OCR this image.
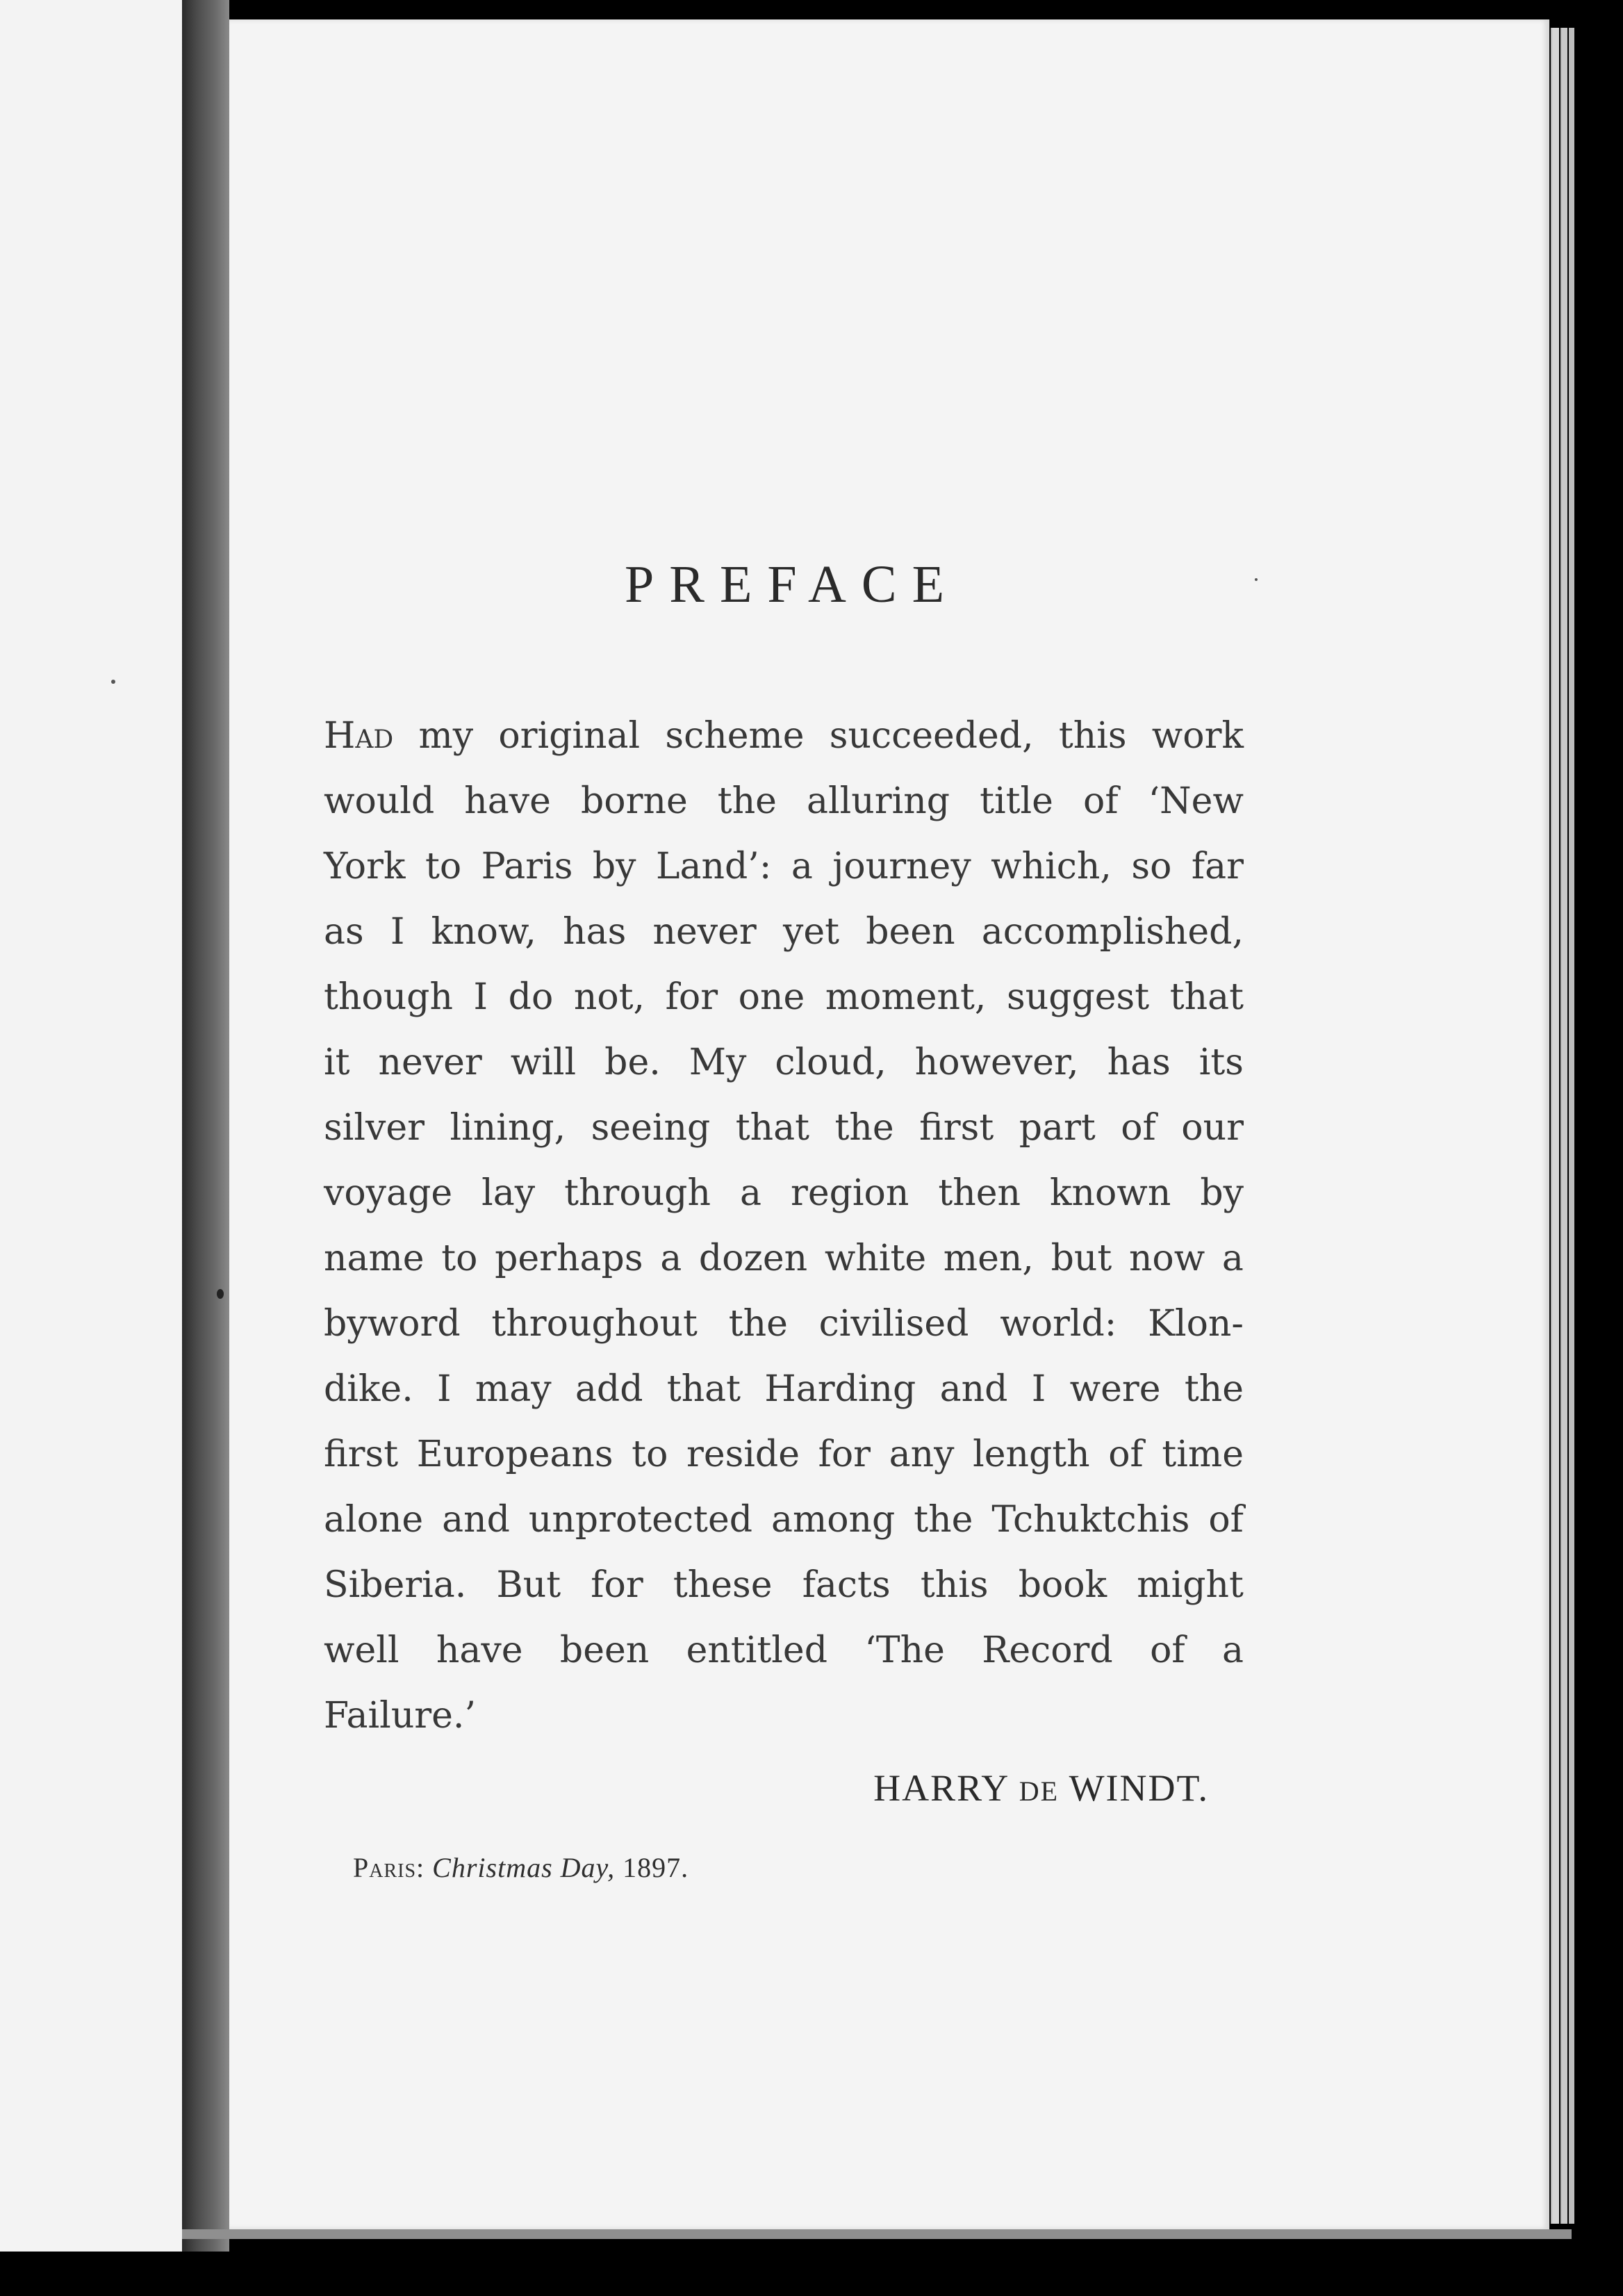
PREFACE
Had my original scheme succeeded, this work
would have borne the alluring title of ‘New
York to Paris by Land’: a journey which, so far
as I know, has never yet been accomplished,
though I do not, for one moment, suggest that
it never will be. My cloud, however, has its
silver lining, seeing that the first part of our
voyage lay through a region then known by
name to perhaps a dozen white men, but now a
byword throughout the civilised world: Klon-
dike. I may add that Harding and I were the
first Europeans to reside for any length of time
alone and unprotected among the Tchuktchis of
Siberia. But for these facts this book might
well have been entitled ‘The Record of a
Failure.’
HARRY DE WINDT.
Paris: Christmas Day, 1897.
